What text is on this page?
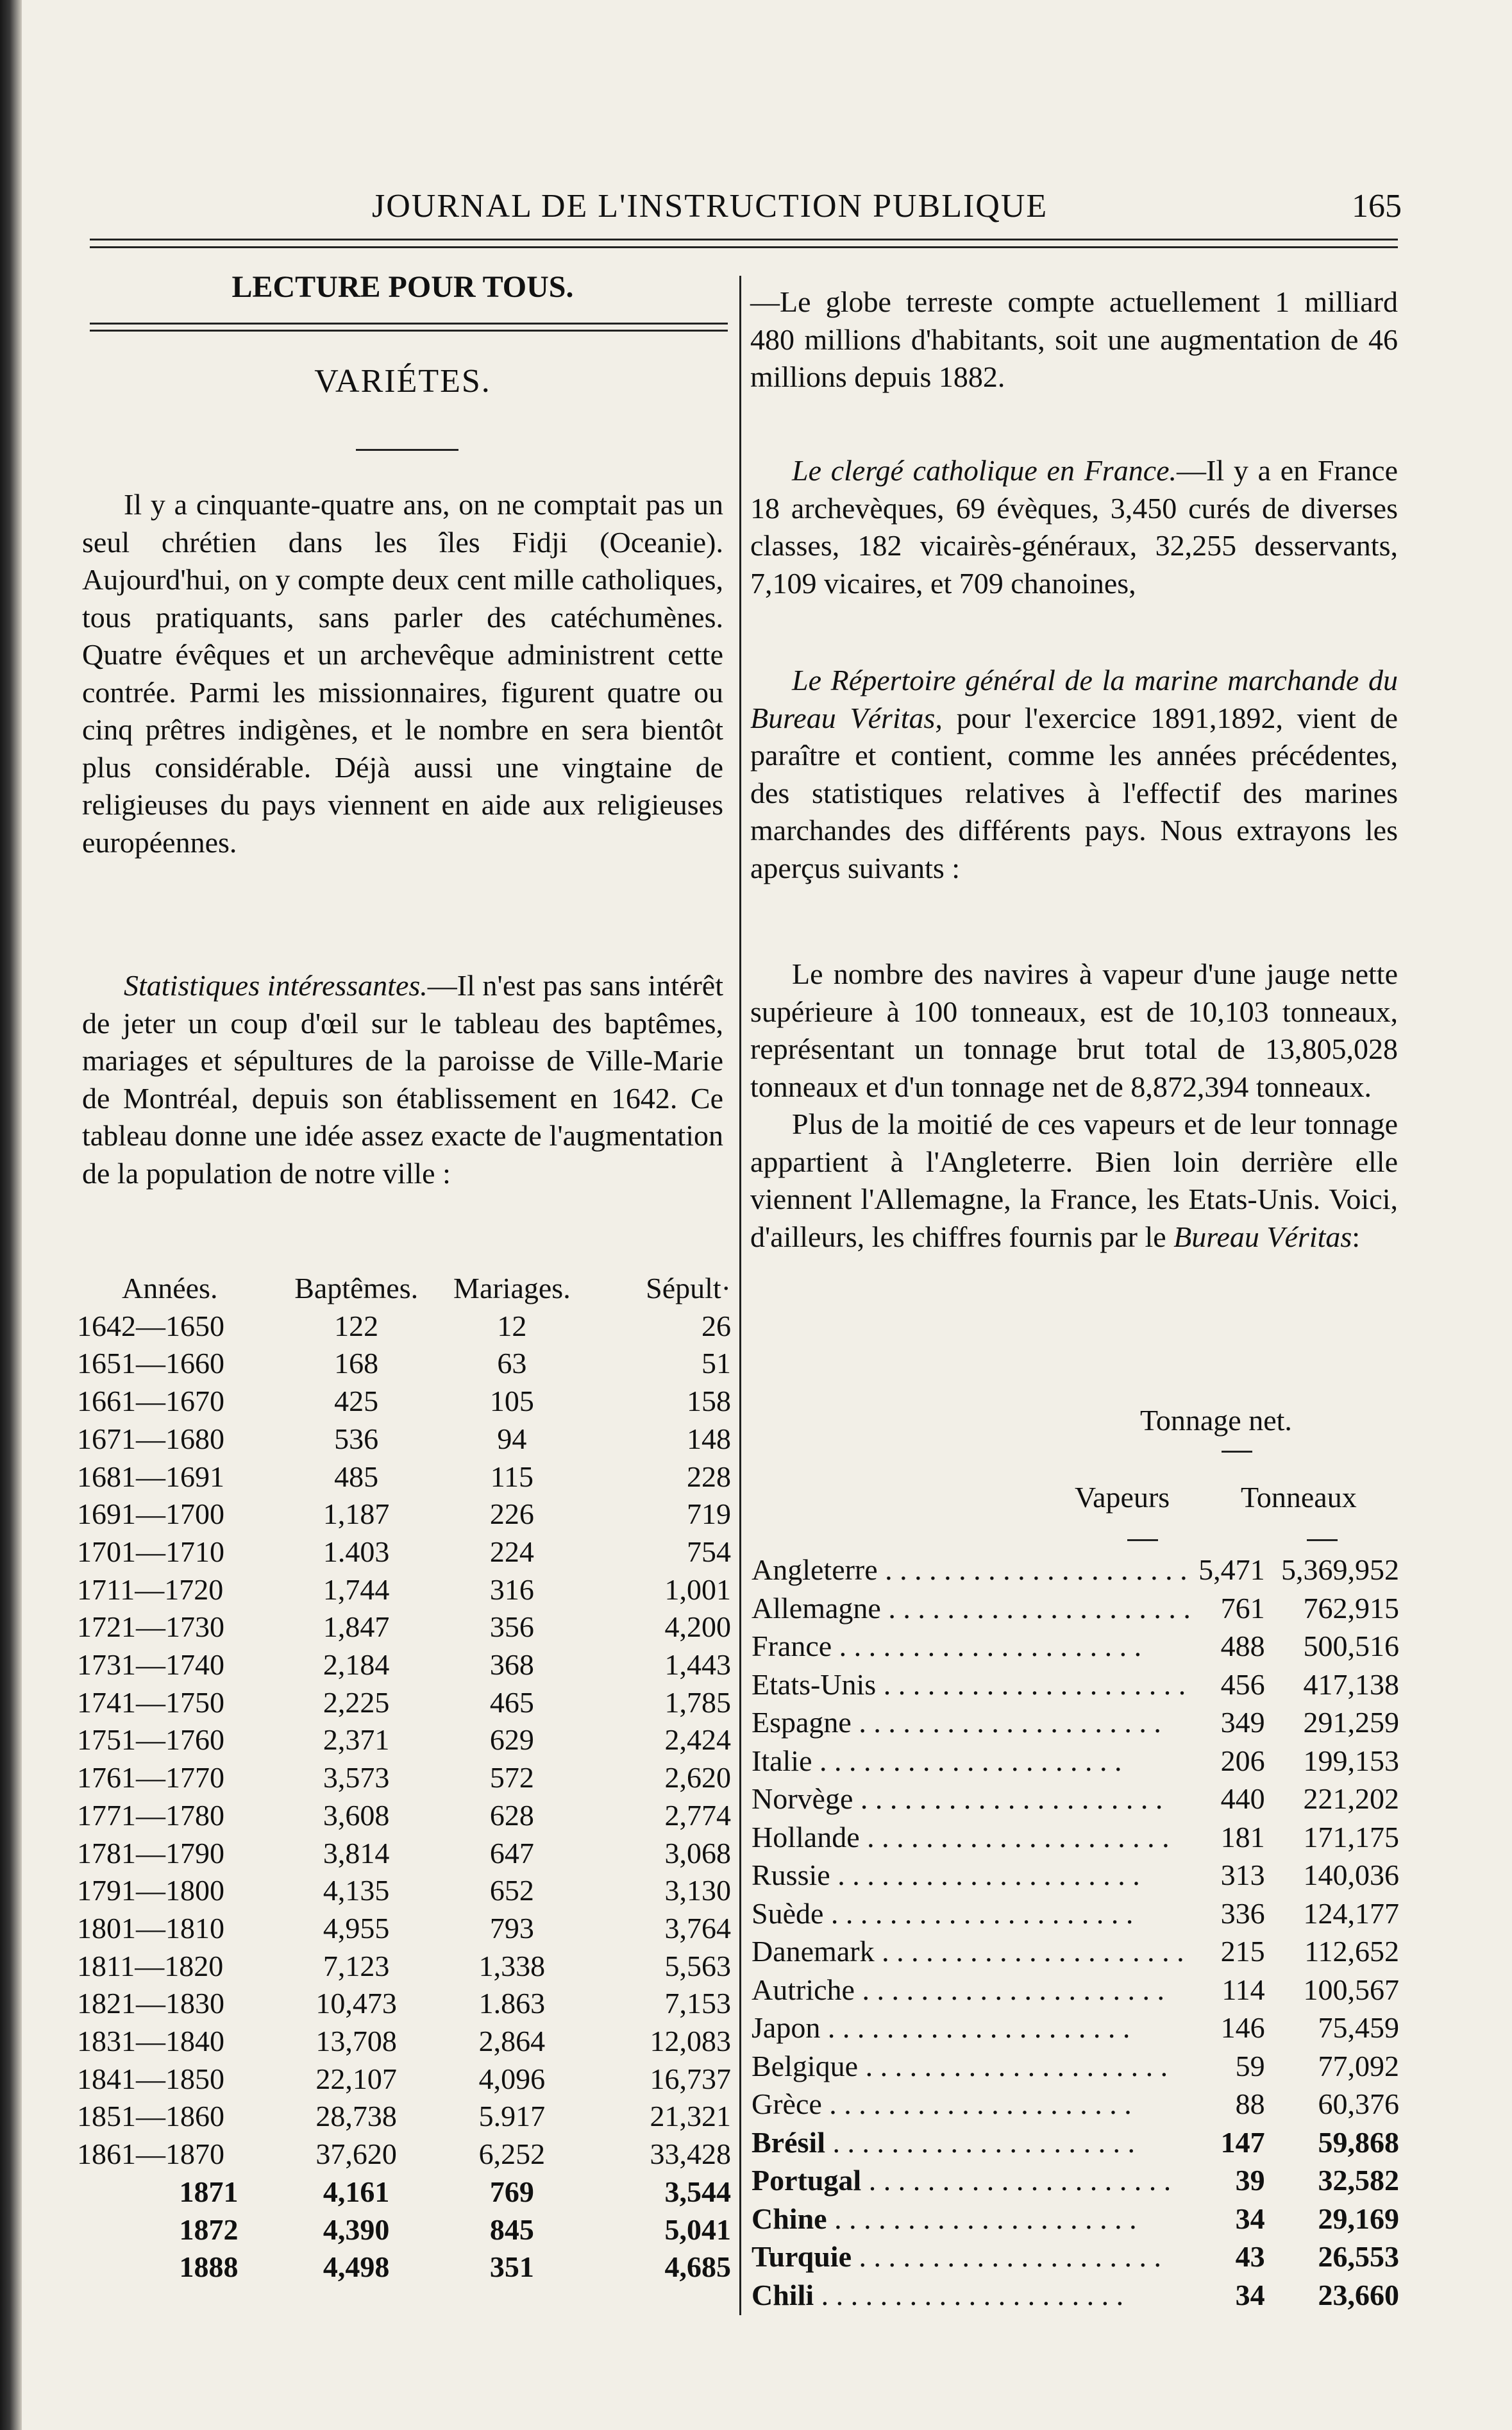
JOURNAL DE L'INSTRUCTION PUBLIQUE	165
LECTURE POUR TOUS.
VARIÉTES.

Il y a cinquante-quatre ans, on ne comptait pas un seul chrétien dans les îles Fidji (Oceanie). Aujourd'hui, on y compte deux cent mille catholiques, tous pratiquants, sans parler des catéchumènes. Quatre évêques et un archevêque administrent cette contrée. Parmi les missionnaires, figurent quatre ou cinq prêtres indigènes, et le nombre en sera bientôt plus considérable. Déjà aussi une vingtaine de religieuses du pays viennent en aide aux religieuses européennes.

Statistiques intéressantes.—Il n'est pas sans intérêt de jeter un coup d'œil sur le tableau des baptêmes, mariages et sépultures de la paroisse de Ville-Marie de Montréal, depuis son établissement en 1642. Ce tableau donne une idée assez exacte de l'augmentation de la population de notre ville :

Années.	Baptêmes.	Mariages.	Sépult·
1642—1650	122	12	26
1651—1660	168	63	51
1661—1670	425	105	158
1671—1680	536	94	148
1681—1691	485	115	228
1691—1700	1,187	226	719
1701—1710	1.403	224	754
1711—1720	1,744	316	1,001
1721—1730	1,847	356	4,200
1731—1740	2,184	368	1,443
1741—1750	2,225	465	1,785
1751—1760	2,371	629	2,424
1761—1770	3,573	572	2,620
1771—1780	3,608	628	2,774
1781—1790	3,814	647	3,068
1791—1800	4,135	652	3,130
1801—1810	4,955	793	3,764
1811—1820	7,123	1,338	5,563
1821—1830	10,473	1.863	7,153
1831—1840	13,708	2,864	12,083
1841—1850	22,107	4,096	16,737
1851—1860	28,738	5.917	21,321
1861—1870	37,620	6,252	33,428
1871	4,161	769	3,544
1872	4,390	845	5,041
1888	4,498	351	4,685

—Le globe terreste compte actuellement 1 milliard 480 millions d'habitants, soit une augmentation de 46 millions depuis 1882.

Le clergé catholique en France.—Il y a en France 18 archevèques, 69 évèques, 3,450 curés de diverses classes, 182 vicairès-généraux, 32,255 desservants, 7,109 vicaires, et 709 chanoines,

Le Répertoire général de la marine marchande du Bureau Véritas, pour l'exercice 1891,1892, vient de paraître et contient, comme les années précédentes, des statistiques relatives à l'effectif des marines marchandes des différents pays. Nous extrayons les aperçus suivants :

Le nombre des navires à vapeur d'une jauge nette supérieure à 100 tonneaux, est de 10,103 tonneaux, représentant un tonnage brut total de 13,805,028 tonneaux et d'un tonnage net de 8,872,394 tonneaux.

Plus de la moitié de ces vapeurs et de leur tonnage appartient à l'Angleterre. Bien loin derrière elle viennent l'Allemagne, la France, les Etats-Unis. Voici, d'ailleurs, les chiffres fournis par le Bureau Véritas:

Tonnage net.
Vapeurs Tonneaux
Angleterre . . . . . . . . . . . . . . . . . . . . .	5,471	5,369,952
Allemagne . . . . . . . . . . . . . . . . . . . . .	761	762,915
France . . . . . . . . . . . . . . . . . . . . .	488	500,516
Etats-Unis . . . . . . . . . . . . . . . . . . . . .	456	417,138
Espagne . . . . . . . . . . . . . . . . . . . . .	349	291,259
Italie . . . . . . . . . . . . . . . . . . . . .	206	199,153
Norvège . . . . . . . . . . . . . . . . . . . . .	440	221,202
Hollande . . . . . . . . . . . . . . . . . . . . .	181	171,175
Russie . . . . . . . . . . . . . . . . . . . . .	313	140,036
Suède . . . . . . . . . . . . . . . . . . . . .	336	124,177
Danemark . . . . . . . . . . . . . . . . . . . . .	215	112,652
Autriche . . . . . . . . . . . . . . . . . . . . .	114	100,567
Japon . . . . . . . . . . . . . . . . . . . . .	146	75,459
Belgique . . . . . . . . . . . . . . . . . . . . .	59	77,092
Grèce . . . . . . . . . . . . . . . . . . . . .	88	60,376
Brésil . . . . . . . . . . . . . . . . . . . . .	147	59,868
Portugal . . . . . . . . . . . . . . . . . . . . .	39	32,582
Chine . . . . . . . . . . . . . . . . . . . . .	34	29,169
Turquie . . . . . . . . . . . . . . . . . . . . .	43	26,553
Chili . . . . . . . . . . . . . . . . . . . . .	34	23,660
